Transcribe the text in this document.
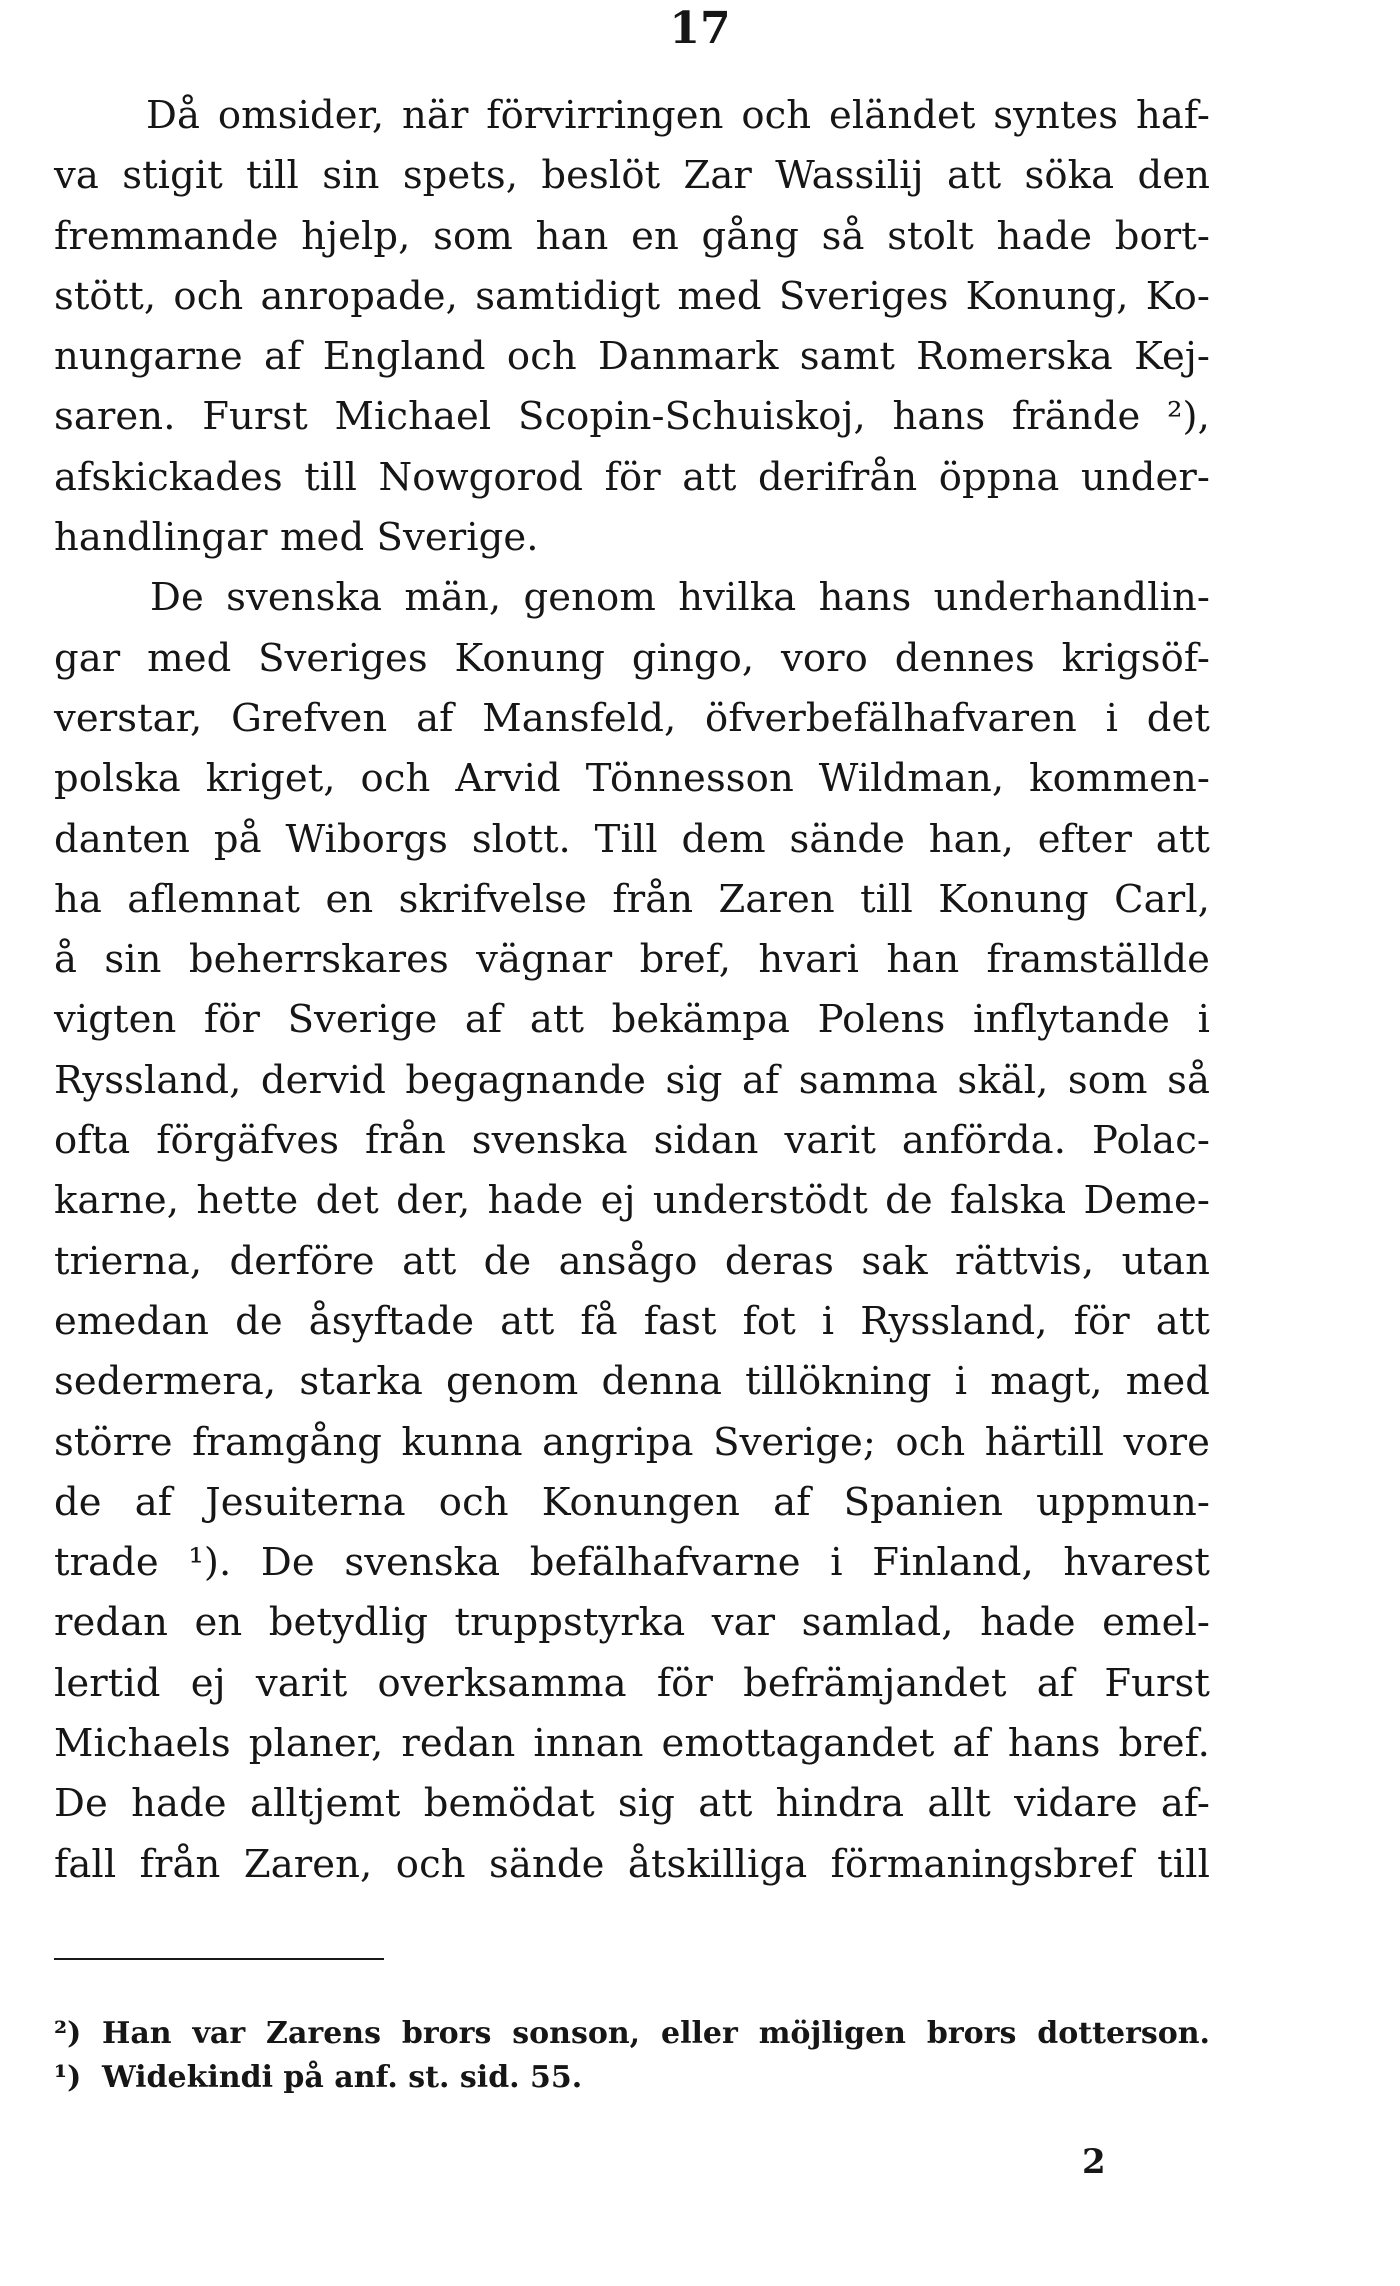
17
Då omsider, när förvirringen och eländet syntes haf-
va stigit till sin spets, beslöt Zar Wassilij att söka den
fremmande hjelp, som han en gång så stolt hade bort-
stött, och anropade, samtidigt med Sveriges Konung, Ko-
nungarne af England och Danmark samt Romerska Kej-
saren. Furst Michael Scopin-Schuiskoj, hans frände ²),
afskickades till Nowgorod för att derifrån öppna under-
handlingar med Sverige.
De svenska män, genom hvilka hans underhandlin-
gar med Sveriges Konung gingo, voro dennes krigsöf-
verstar, Grefven af Mansfeld, öfverbefälhafvaren i det
polska kriget, och Arvid Tönnesson Wildman, kommen-
danten på Wiborgs slott. Till dem sände han, efter att
ha aflemnat en skrifvelse från Zaren till Konung Carl,
å sin beherrskares vägnar bref, hvari han framställde
vigten för Sverige af att bekämpa Polens inflytande i
Ryssland, dervid begagnande sig af samma skäl, som så
ofta förgäfves från svenska sidan varit anförda. Polac-
karne, hette det der, hade ej understödt de falska Deme-
trierna, derföre att de ansågo deras sak rättvis, utan
emedan de åsyftade att få fast fot i Ryssland, för att
sedermera, starka genom denna tillökning i magt, med
större framgång kunna angripa Sverige; och härtill vore
de af Jesuiterna och Konungen af Spanien uppmun-
trade ¹). De svenska befälhafvarne i Finland, hvarest
redan en betydlig truppstyrka var samlad, hade emel-
lertid ej varit overksamma för befrämjandet af Furst
Michaels planer, redan innan emottagandet af hans bref.
De hade alltjemt bemödat sig att hindra allt vidare af-
fall från Zaren, och sände åtskilliga förmaningsbref till
²) Han var Zarens brors sonson, eller möjligen brors dotterson.
¹) Widekindi på anf. st. sid. 55.
2
